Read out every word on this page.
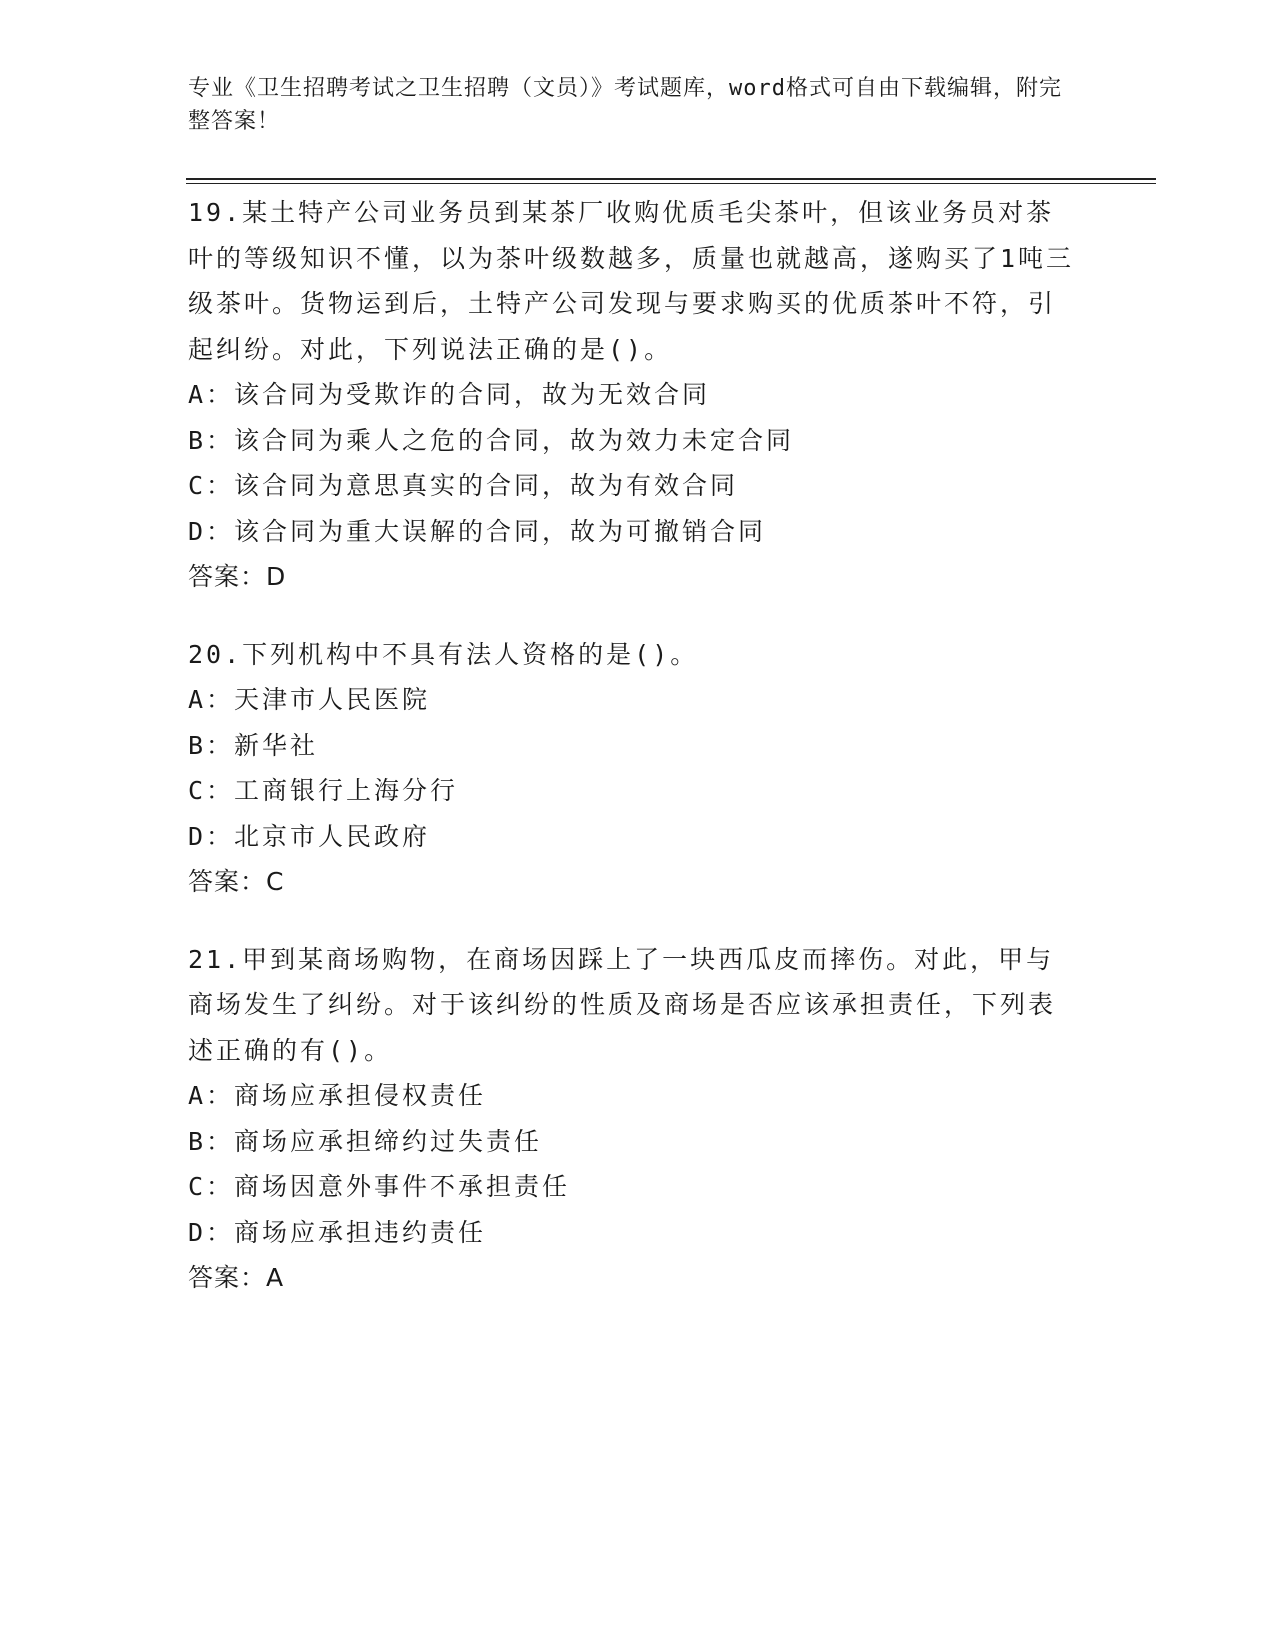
专业《卫生招聘考试之卫生招聘（文员）》考试题库，word格式可自由下载编辑，附完整答案！

19.某土特产公司业务员到某茶厂收购优质毛尖茶叶，但该业务员对茶叶的等级知识不懂，以为茶叶级数越多，质量也就越高，遂购买了1吨三级茶叶。货物运到后，土特产公司发现与要求购买的优质茶叶不符，引起纠纷。对此，下列说法正确的是()。

A：该合同为受欺诈的合同，故为无效合同

B：该合同为乘人之危的合同，故为效力未定合同

C：该合同为意思真实的合同，故为有效合同

D：该合同为重大误解的合同，故为可撤销合同

答案：D

20.下列机构中不具有法人资格的是()。

A：天津市人民医院

B：新华社

C：工商银行上海分行

D：北京市人民政府

答案：C

21.甲到某商场购物，在商场因踩上了一块西瓜皮而摔伤。对此，甲与商场发生了纠纷。对于该纠纷的性质及商场是否应该承担责任，下列表述正确的有()。

A：商场应承担侵权责任

B：商场应承担缔约过失责任

C：商场因意外事件不承担责任

D：商场应承担违约责任

答案：A
